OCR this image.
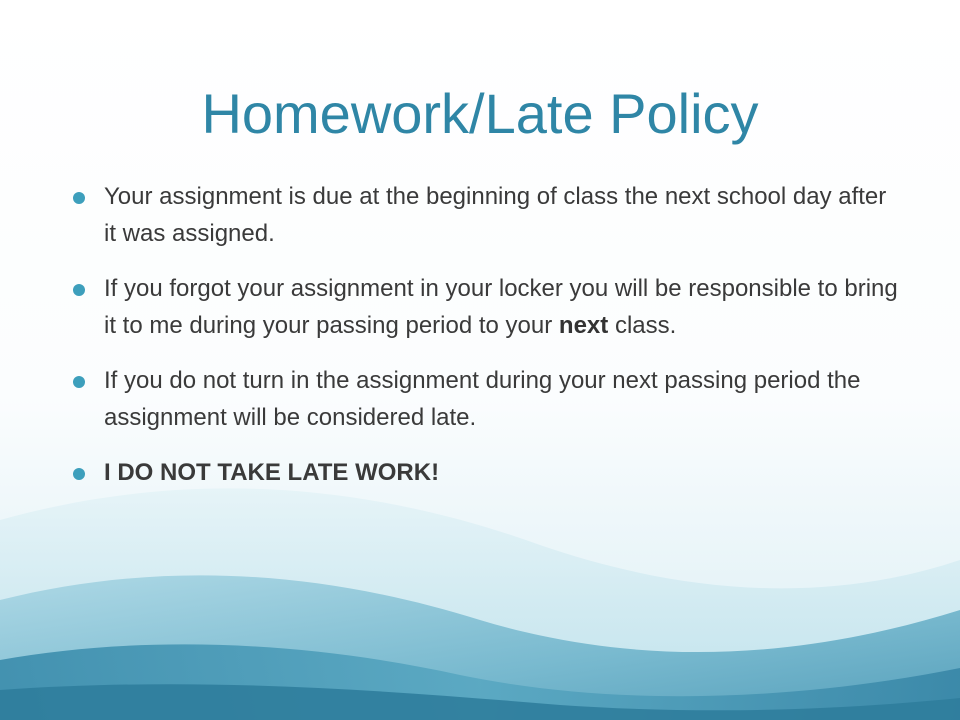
Homework/Late Policy
Your assignment is due at the beginning of class the next school day after it was assigned.
If you forgot your assignment in your locker you will be responsible to bring it to me during your passing period to your next class.
If you do not turn in the assignment during your next passing period the assignment will be considered late.
I DO NOT TAKE LATE WORK!
